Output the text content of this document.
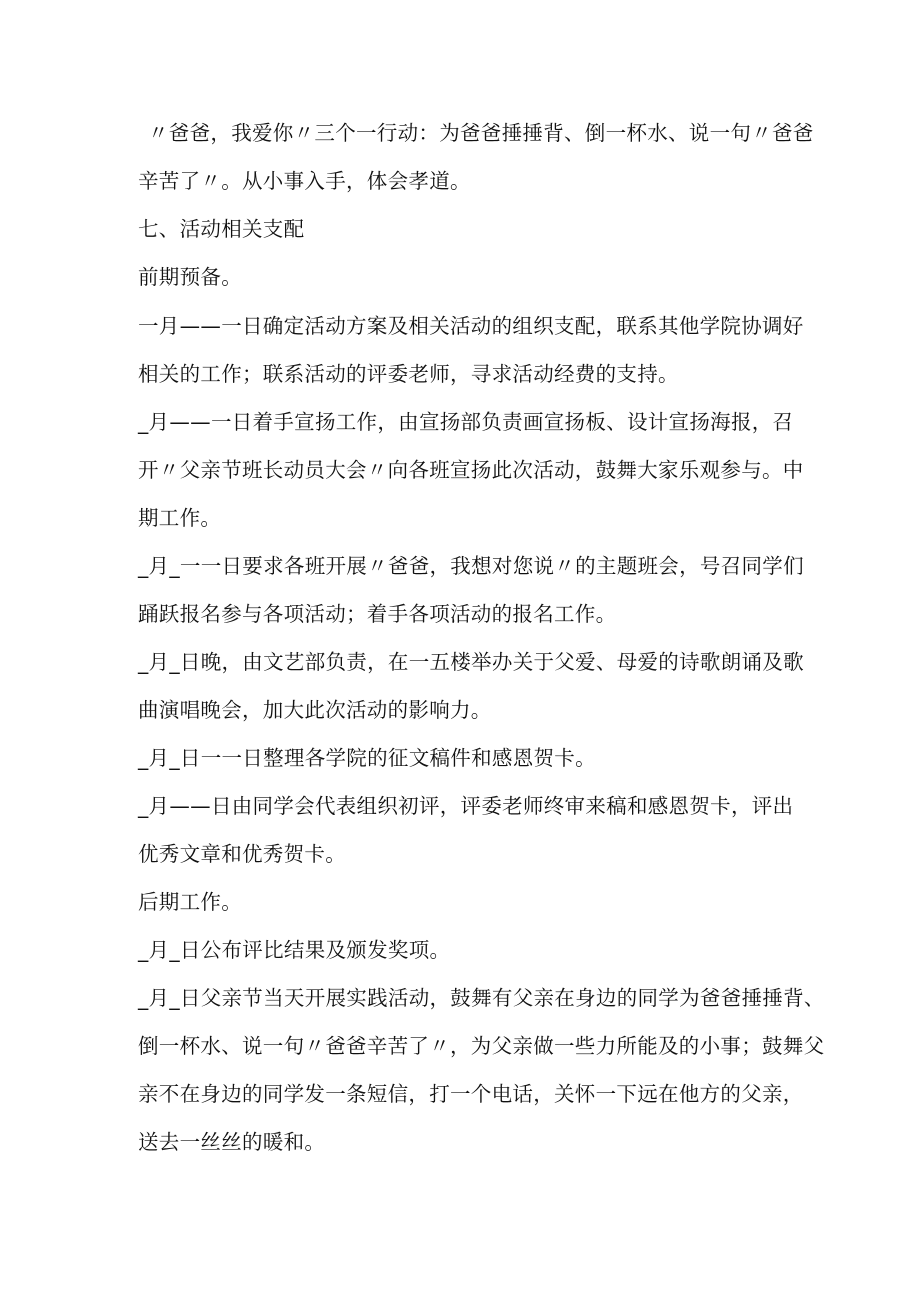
〃爸爸，我爱你〃三个一行动：为爸爸捶捶背、倒一杯水、说一句〃爸爸

辛苦了〃。从小事入手，体会孝道。

七、活动相关支配

前期预备。

一月——一日确定活动方案及相关活动的组织支配，联系其他学院协调好

相关的工作；联系活动的评委老师，寻求活动经费的支持。

_月——一日着手宣扬工作，由宣扬部负责画宣扬板、设计宣扬海报，召

开〃父亲节班长动员大会〃向各班宣扬此次活动，鼓舞大家乐观参与。中

期工作。

_月_一一日要求各班开展〃爸爸，我想对您说〃的主题班会，号召同学们

踊跃报名参与各项活动；着手各项活动的报名工作。

_月_日晚，由文艺部负责，在一五楼举办关于父爱、母爱的诗歌朗诵及歌

曲演唱晚会，加大此次活动的影响力。

_月_日一一日整理各学院的征文稿件和感恩贺卡。

_月——日由同学会代表组织初评，评委老师终审来稿和感恩贺卡，评出

优秀文章和优秀贺卡。

后期工作。

_月_日公布评比结果及颁发奖项。

_月_日父亲节当天开展实践活动，鼓舞有父亲在身边的同学为爸爸捶捶背、

倒一杯水、说一句〃爸爸辛苦了〃，为父亲做一些力所能及的小事；鼓舞父

亲不在身边的同学发一条短信，打一个电话，关怀一下远在他方的父亲，

送去一丝丝的暖和。
